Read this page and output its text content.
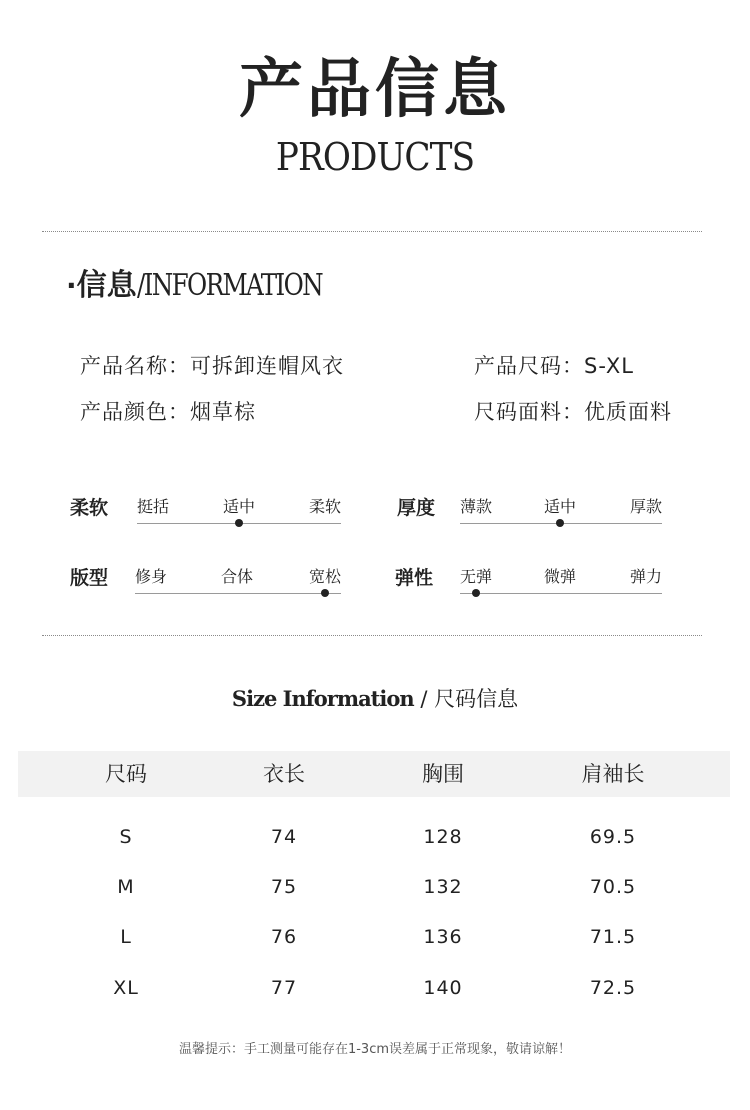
产品信息
PRODUCTS
·信息/INFORMATION
产品名称：可拆卸连帽风衣	产品尺码：S-XL
产品颜色：烟草棕	尺码面料：优质面料
柔软 挺括	适中	柔软	厚度 薄款	适中	厚款
版型 修身	合体	宽松	弹性 无弹	微弹	弹力
Size Information / 尺码信息
尺码	衣长	胸围	肩袖长
S	74	128	69.5
M	75	132	70.5
L	76	136	71.5
XL	77	140	72.5
温馨提示：手工测量可能存在1-3cm误差属于正常现象，敬请谅解！
